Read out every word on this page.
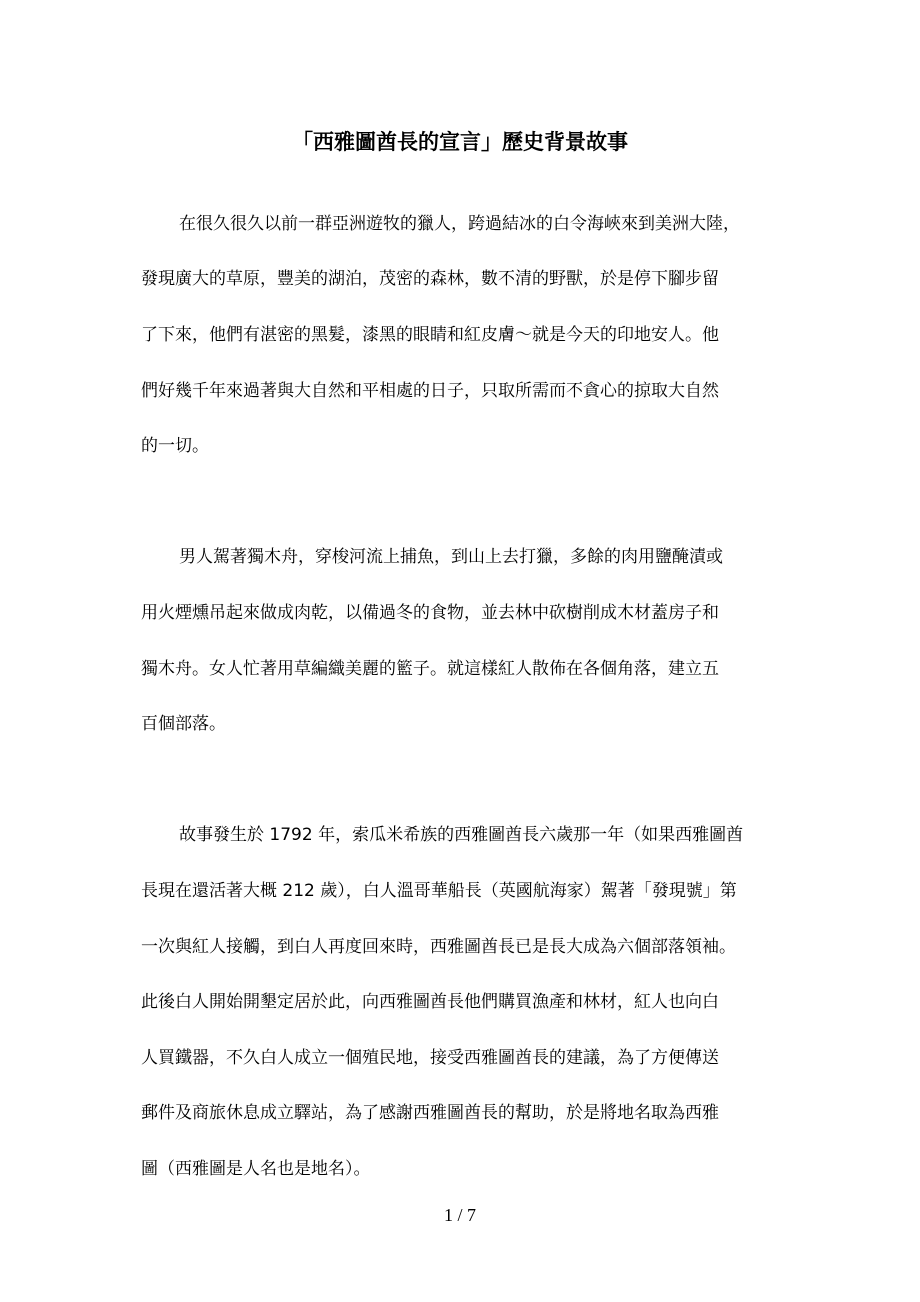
「西雅圖酋長的宣言」歷史背景故事
在很久很久以前一群亞洲遊牧的獵人，跨過結冰的白令海峽來到美洲大陸，
發現廣大的草原，豐美的湖泊，茂密的森林，數不清的野獸，於是停下腳步留
了下來，他們有湛密的黑髮，漆黑的眼睛和紅皮膚～就是今天的印地安人。他
們好幾千年來過著與大自然和平相處的日子，只取所需而不貪心的掠取大自然
的一切。
男人駕著獨木舟，穿梭河流上捕魚，到山上去打獵，多餘的肉用鹽醃漬或
用火煙燻吊起來做成肉乾，以備過冬的食物，並去林中砍樹削成木材蓋房子和
獨木舟。女人忙著用草編織美麗的籃子。就這樣紅人散佈在各個角落，建立五
百個部落。
故事發生於 1792 年，索瓜米希族的西雅圖酋長六歲那一年（如果西雅圖酋
長現在還活著大概 212 歲），白人溫哥華船長（英國航海家）駕著「發現號」第
一次與紅人接觸，到白人再度回來時，西雅圖酋長已是長大成為六個部落領袖。
此後白人開始開墾定居於此，向西雅圖酋長他們購買漁產和林材，紅人也向白
人買鐵器，不久白人成立一個殖民地，接受西雅圖酋長的建議，為了方便傳送
郵件及商旅休息成立驛站，為了感謝西雅圖酋長的幫助，於是將地名取為西雅
圖（西雅圖是人名也是地名）。
1 / 7
